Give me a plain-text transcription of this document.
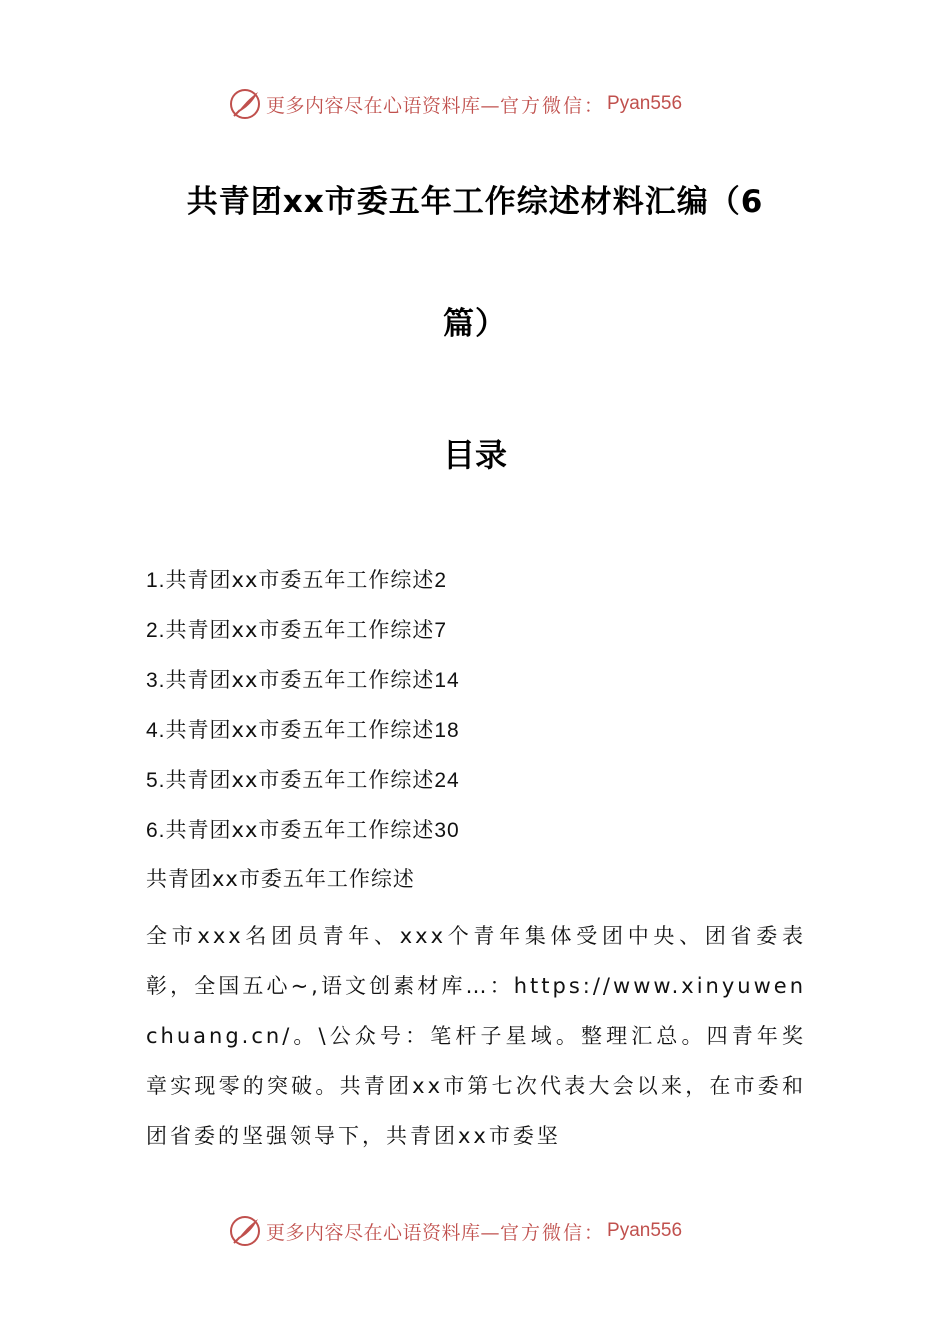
更多内容尽在心语资料库— 官方微信： Pyan556
共青团xx市委五年工作综述材料汇编（6
篇）
目录
1.共青团xx市委五年工作综述2
2.共青团xx市委五年工作综述7
3.共青团xx市委五年工作综述14
4.共青团xx市委五年工作综述18
5.共青团xx市委五年工作综述24
6.共青团xx市委五年工作综述30
共青团xx市委五年工作综述

全市xxx名团员青年、xxx个青年集体受团中央、团省委表彰，全国五心~,语文创素材库…：https://www.xinyuwenchuang.cn/。\公众号：笔杆子星域。整理汇总。四青年奖章实现零的突破。共青团xx市第七次代表大会以来，在市委和团省委的坚强领导下，共青团xx市委坚

更多内容尽在心语资料库— 官方微信： Pyan556
